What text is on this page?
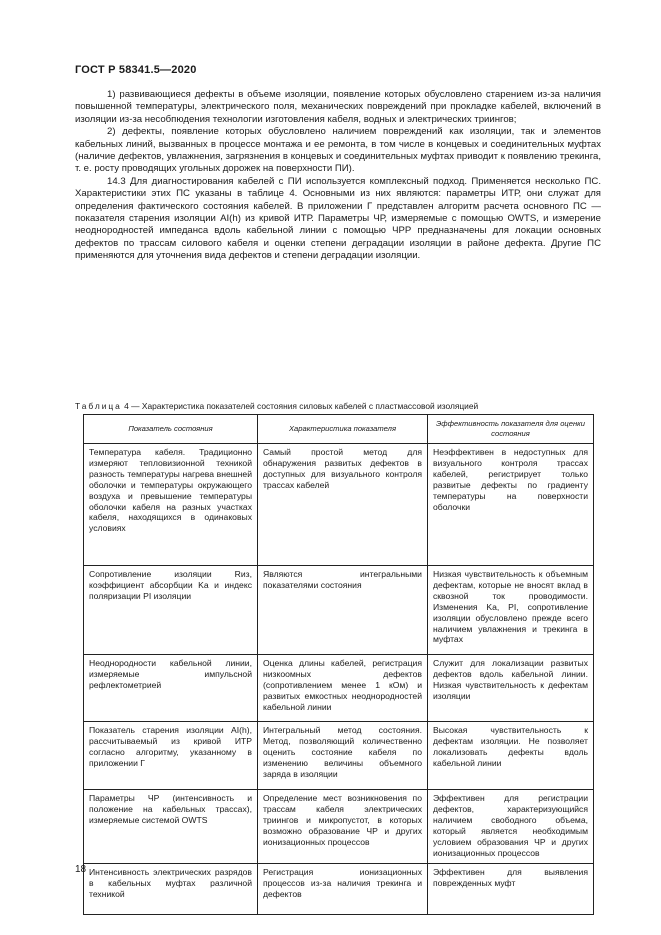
ГОСТ Р 58341.5—2020

1) развивающиеся дефекты в объеме изоляции, появление которых обусловлено старением из-за наличия повышенной температуры, электрического поля, механических повреждений при прокладке кабелей, включений в изоляции из-за несобпюдения технологии изготовления кабеля, водных и электрических триингов;

2) дефекты, появление которых обусловлено наличием повреждений как изоляции, так и элементов кабельных линий, вызванных в процессе монтажа и ее ремонта, в том числе в концевых и соединительных муфтах (наличие дефектов, увлажнения, загрязнения в концевых и соединительных муфтах приводит к появлению трекинга, т. е. росту проводящих угольных дорожек на поверхности ПИ).

14.3 Для диагностирования кабелей с ПИ используется комплексный подход. Применяется несколько ПС. Характеристики этих ПС указаны в таблице 4. Основными из них являются: параметры ИТР, они служат для определения фактического состояния кабелей. В приложении Г представлен алгоритм расчета основного ПС — показателя старения изоляции АI(h) из кривой ИТР. Параметры ЧР, измеряемые с помощью OWTS, и измерение неоднородностей импеданса вдоль кабельной линии с помощью ЧРР предназначены для локации основных дефектов по трассам силового кабеля и оценки степени деградации изоляции в районе дефекта. Другие ПС применяются для уточнения вида дефектов и степени деградации изоляции.

Таблица 4 — Характеристика показателей состояния силовых кабелей с пластмассовой изоляцией
Показатель состояния	Характеристика показателя	Эффективность показателя для оценки состояния
Температура кабеля. Традиционно измеряют тепловизионной техникой разность температуры нагрева внешней оболочки и температуры окружающего воздуха и превышение температуры оболочки кабеля на разных участках кабеля, находящихся в одинаковых условиях	Самый простой метод для обнаружения развитых дефектов в доступных для визуального контроля трассах кабелей	Неэффективен в недоступных для визуального контроля трассах кабелей, регистрирует только развитые дефекты по градиенту температуры на поверхности оболочки
Сопротивление изоляции Rиз, коэффициент абсорбции Ka и индекс поляризации PI изоляции	Являются интегральными показателями состояния	Низкая чувствительность к объемным дефектам, которые не вносят вклад в сквозной ток проводимости. Изменения Ka, PI, сопротивление изоляции обусловлено прежде всего наличием увлажнения и трекинга в муфтах
Неоднородности кабельной линии, измеряемые импульсной рефлектометрией	Оценка длины кабелей, регистрация низкоомных дефектов (сопротивлением менее 1 кОм) и развитых емкостных неоднородностей кабельной линии	Служит для локализации развитых дефектов вдоль кабельной линии. Низкая чувствительность к дефектам изоляции
Показатель старения изоляции АI(h), рассчитываемый из кривой ИТР согласно алгоритму, указанному в приложении Г	Интегральный метод состояния. Метод, позволяющий количественно оценить состояние кабеля по изменению величины объемного заряда в изоляции	Высокая чувствительность к дефектам изоляции. Не позволяет локализовать дефекты вдоль кабельной линии
Параметры ЧР (интенсивность и положение на кабельных трассах), измеряемые системой OWTS	Определение мест возникновения по трассам кабеля электрических триингов и микропустот, в которых возможно образование ЧР и других ионизационных процессов	Эффективен для регистрации дефектов, характеризующийся наличием свободного объема, который является необходимым условием образования ЧР и других ионизационных процессов
Интенсивность электрических разрядов в кабельных муфтах различной техникой	Регистрация ионизационных процессов из-за наличия трекинга и дефектов	Эффективен для выявления поврежденных муфт
18
